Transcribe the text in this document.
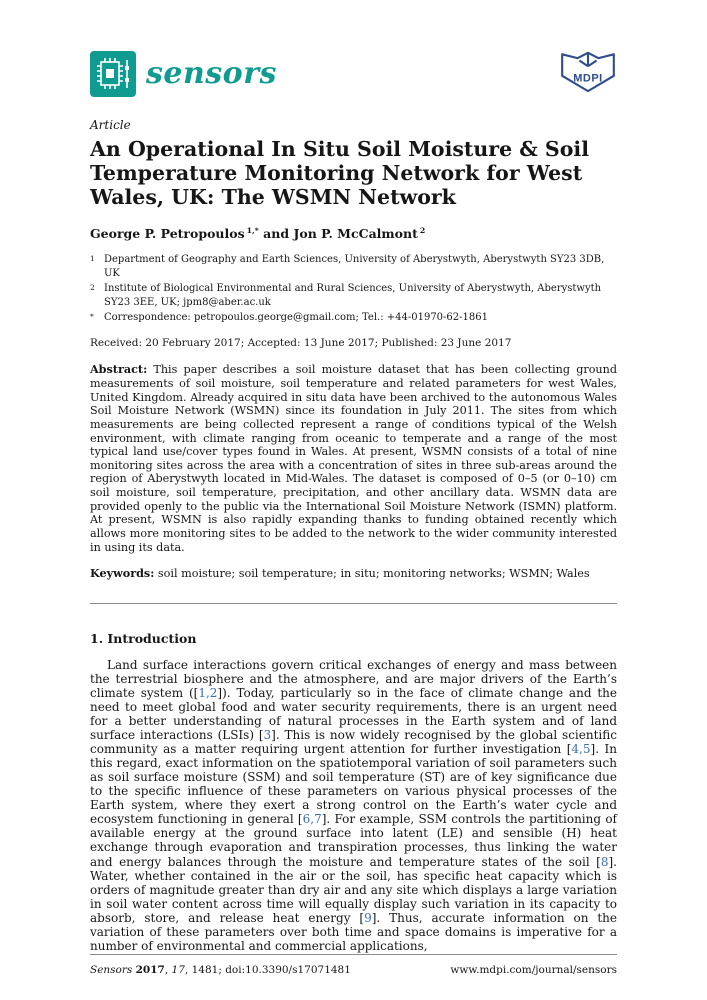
sensors	MDPI
Article
An Operational In Situ Soil Moisture & Soil Temperature Monitoring Network for West Wales, UK: The WSMN Network
George P. Petropoulos $^{1,*}$ and Jon P. McCalmont $^2$
1 Department of Geography and Earth Sciences, University of Aberystwyth, Aberystwyth SY23 3DB, UK
2 Institute of Biological Environmental and Rural Sciences, University of Aberystwyth, Aberystwyth SY23 3EE, UK; jpm8@aber.ac.uk
*	Correspondence: petropoulos.george@gmail.com; Tel.: +44-01970-62-1861
Received: 20 February 2017; Accepted: 13 June 2017; Published: 23 June 2017

Abstract: This paper describes a soil moisture dataset that has been collecting ground measurements of soil moisture, soil temperature and related parameters for west Wales, United Kingdom. Already acquired in situ data have been archived to the autonomous Wales Soil Moisture Network (WSMN) since its foundation in July 2011. The sites from which measurements are being collected represent a range of conditions typical of the Welsh environment, with climate ranging from oceanic to temperate and a range of the most typical land use/cover types found in Wales. At present, WSMN consists of a total of nine monitoring sites across the area with a concentration of sites in three sub-areas around the region of Aberystwyth located in Mid-Wales. The dataset is composed of 0–5 (or 0–10) cm soil moisture, soil temperature, precipitation, and other ancillary data. WSMN data are provided openly to the public via the International Soil Moisture Network (ISMN) platform. At present, WSMN is also rapidly expanding thanks to funding obtained recently which allows more monitoring sites to be added to the network to the wider community interested in using its data.

Keywords: soil moisture; soil temperature; in situ; monitoring networks; WSMN; Wales

1. Introduction

Land surface interactions govern critical exchanges of energy and mass between the terrestrial biosphere and the atmosphere, and are major drivers of the Earth’s climate system ([1,2]). Today, particularly so in the face of climate change and the need to meet global food and water security requirements, there is an urgent need for a better understanding of natural processes in the Earth system and of land surface interactions (LSIs) [3]. This is now widely recognised by the global scientific community as a matter requiring urgent attention for further investigation [4,5]. In this regard, exact information on the spatiotemporal variation of soil parameters such as soil surface moisture (SSM) and soil temperature (ST) are of key significance due to the specific influence of these parameters on various physical processes of the Earth system, where they exert a strong control on the Earth’s water cycle and ecosystem functioning in general [6,7]. For example, SSM controls the partitioning of available energy at the ground surface into latent (LE) and sensible (H) heat exchange through evaporation and transpiration processes, thus linking the water and energy balances through the moisture and temperature states of the soil [8]. Water, whether contained in the air or the soil, has specific heat capacity which is orders of magnitude greater than dry air and any site which displays a large variation in soil water content across time will equally display such variation in its capacity to absorb, store, and release heat energy [9]. Thus, accurate information on the variation of these parameters over both time and space domains is imperative for a number of environmental and commercial applications,

Sensors 2017, 17, 1481; doi:10.3390/s17071481	www.mdpi.com/journal/sensors
